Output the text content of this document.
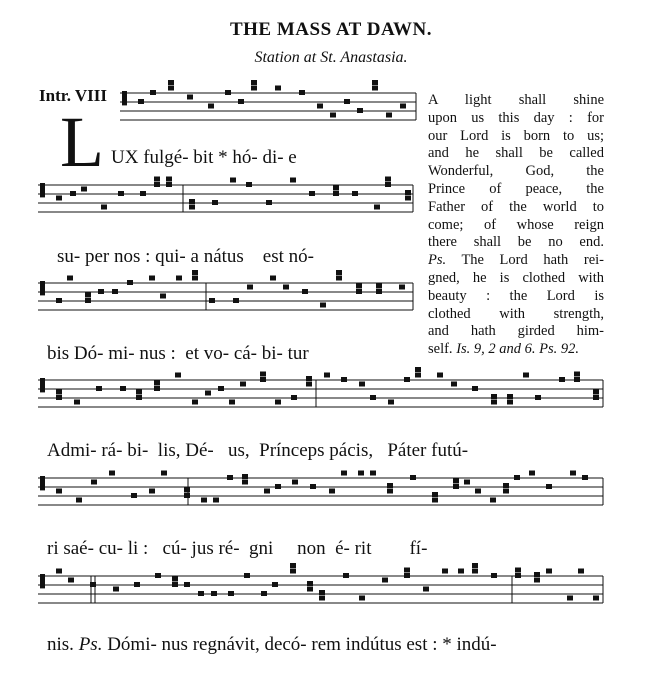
THE MASS AT DAWN.
Station at St. Anastasia.
Intr. VIII
L UX fulgé- bit * hó- di- e
su- per nos : qui- a nátus    est nó-
bis Dó- mi- nus :  et vo- cá- bi- tur
Admi- rá- bi-  lis, Dé-   us,  Prínceps pácis,   Páter futú-
ri saé- cu- li :   cú- jus ré-  gni     non  é- rit        fí-
nis. Ps. Dómi- nus regnávit, decó- rem indútus est : * indú-
A light shall shine
upon us this day : for
our Lord is born to us;
and he shall be called
Wonderful, God, the
Prince of peace, the
Father of the world to
come; of whose reign
there shall be no end.
Ps. The Lord hath rei-
gned, he is clothed with
beauty : the Lord is
clothed with strength,
and hath girded him-
self. Is. 9, 2 and 6. Ps. 92.
